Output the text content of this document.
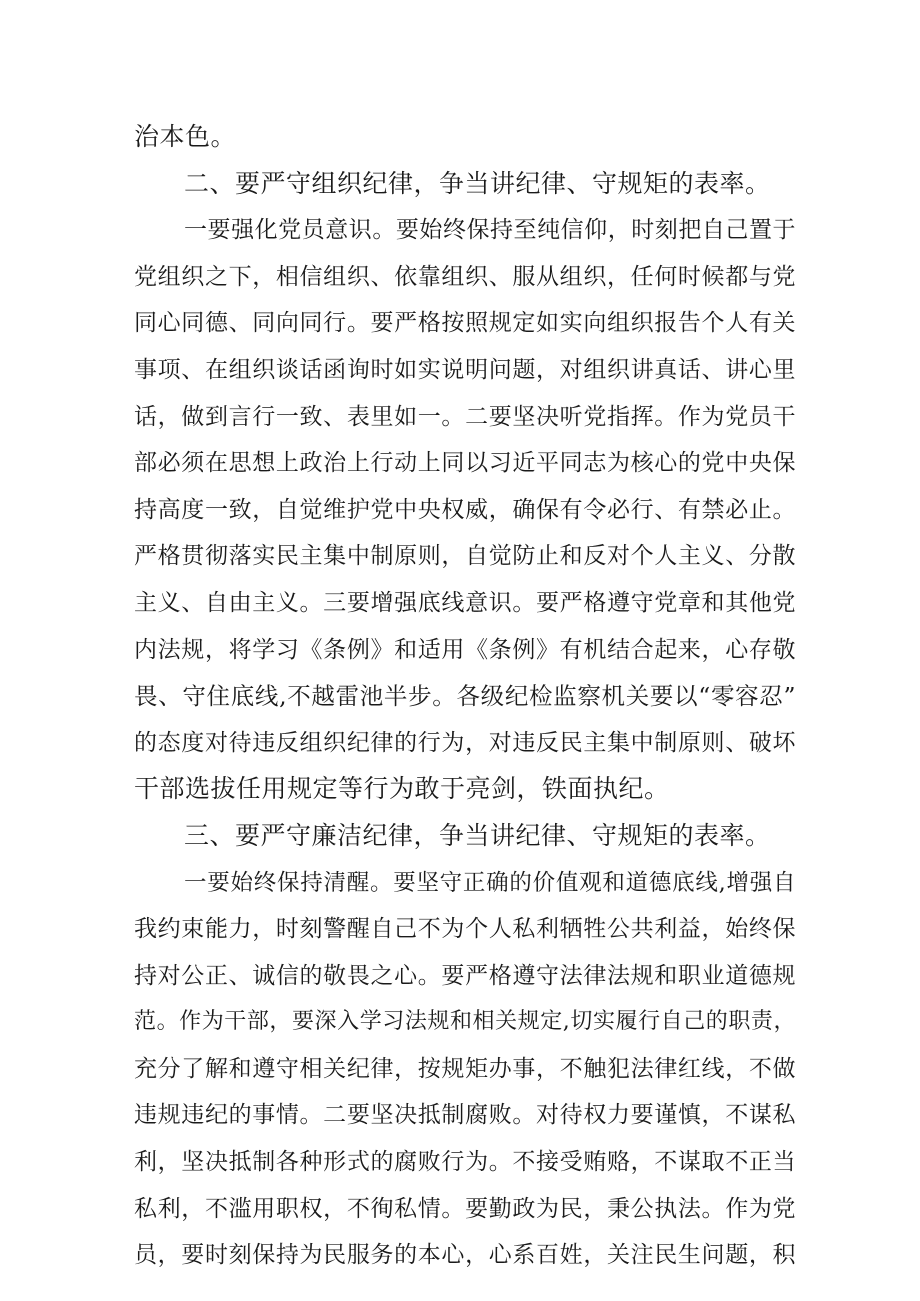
治本色。
二、要严守组织纪律，争当讲纪律、守规矩的表率。
一要强化党员意识。要始终保持至纯信仰，时刻把自己置于
党组织之下，相信组织、依靠组织、服从组织，任何时候都与党
同心同德、同向同行。要严格按照规定如实向组织报告个人有关
事项、在组织谈话函询时如实说明问题，对组织讲真话、讲心里
话，做到言行一致、表里如一。二要坚决听党指挥。作为党员干
部必须在思想上政治上行动上同以习近平同志为核心的党中央保
持高度一致，自觉维护党中央权威，确保有令必行、有禁必止。
严格贯彻落实民主集中制原则，自觉防止和反对个人主义、分散
主义、自由主义。三要增强底线意识。要严格遵守党章和其他党
内法规，将学习《条例》和适用《条例》有机结合起来，心存敬
畏、守住底线,不越雷池半步。各级纪检监察机关要以“零容忍”
的态度对待违反组织纪律的行为，对违反民主集中制原则、破坏
干部选拔任用规定等行为敢于亮剑，铁面执纪。
三、要严守廉洁纪律，争当讲纪律、守规矩的表率。
一要始终保持清醒。要坚守正确的价值观和道德底线,增强自
我约束能力，时刻警醒自己不为个人私利牺牲公共利益，始终保
持对公正、诚信的敬畏之心。要严格遵守法律法规和职业道德规
范。作为干部，要深入学习法规和相关规定,切实履行自己的职责，
充分了解和遵守相关纪律，按规矩办事，不触犯法律红线，不做
违规违纪的事情。二要坚决抵制腐败。对待权力要谨慎，不谋私
利，坚决抵制各种形式的腐败行为。不接受贿赂，不谋取不正当
私利，不滥用职权，不徇私情。要勤政为民，秉公执法。作为党
员，要时刻保持为民服务的本心，心系百姓，关注民生问题，积
